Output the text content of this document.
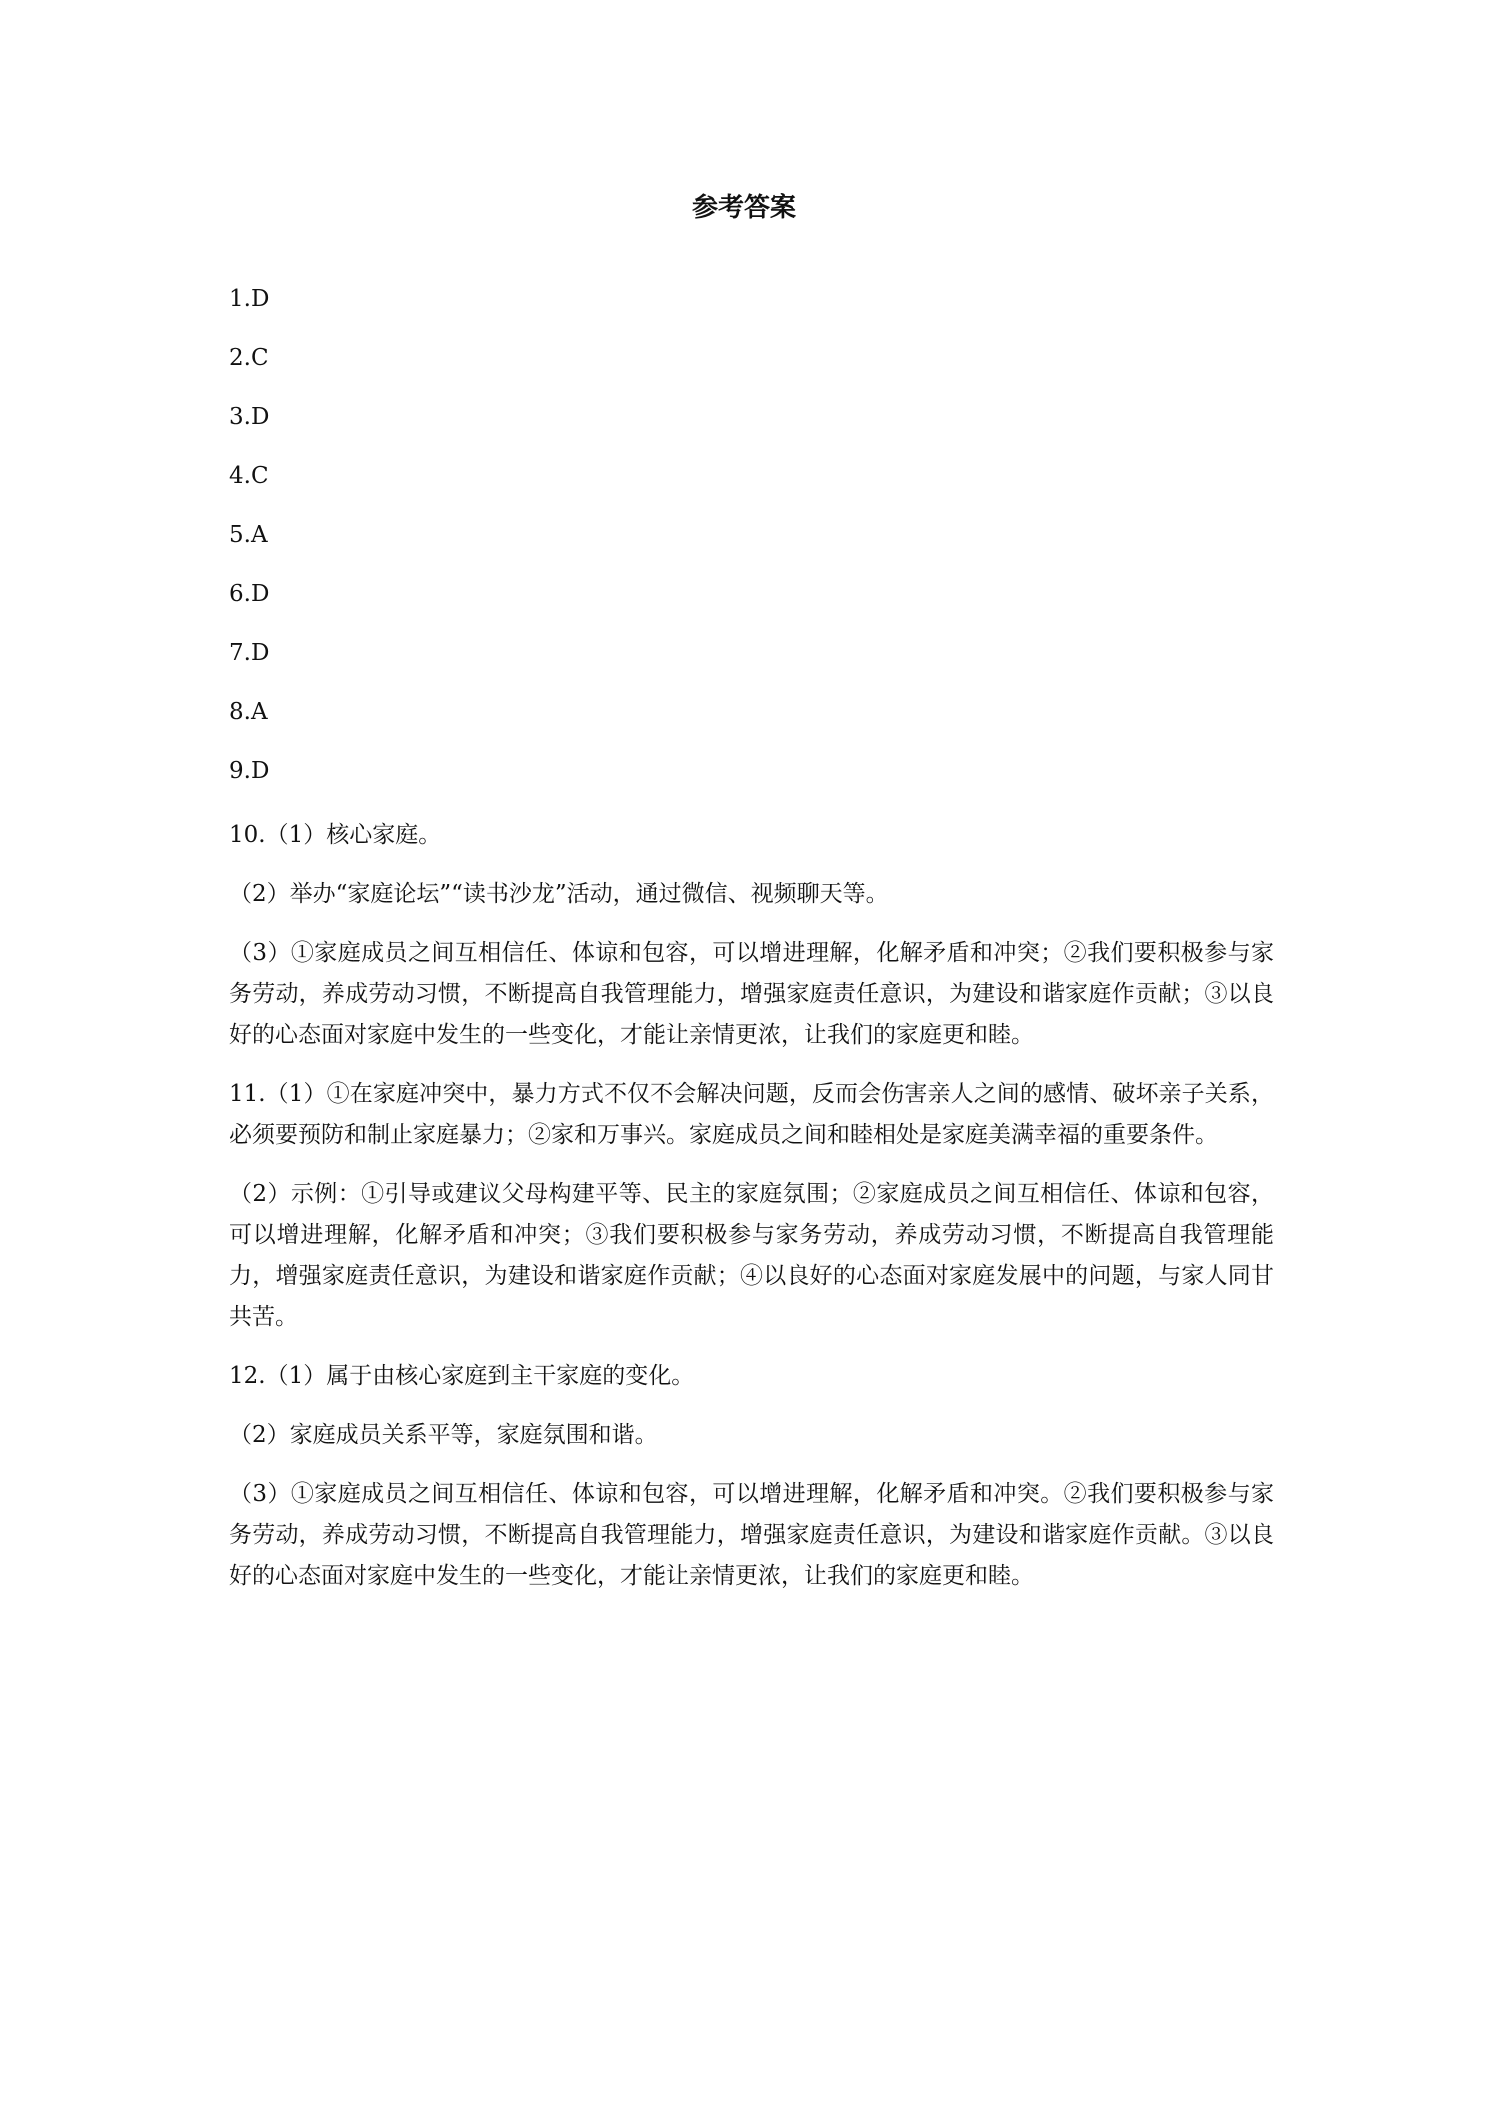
参考答案
1.D
2.C
3.D
4.C
5.A
6.D
7.D
8.A
9.D

10.（1）核心家庭。

（2）举办“家庭论坛”“读书沙龙”活动，通过微信、视频聊天等。

（3）①家庭成员之间互相信任、体谅和包容，可以增进理解，化解矛盾和冲突；②我们要积极参与家务劳动，养成劳动习惯，不断提高自我管理能力，增强家庭责任意识，为建设和谐家庭作贡献；③以良好的心态面对家庭中发生的一些变化，才能让亲情更浓，让我们的家庭更和睦。

11.（1）①在家庭冲突中，暴力方式不仅不会解决问题，反而会伤害亲人之间的感情、破坏亲子关系，必须要预防和制止家庭暴力；②家和万事兴。家庭成员之间和睦相处是家庭美满幸福的重要条件。

（2）示例：①引导或建议父母构建平等、民主的家庭氛围；②家庭成员之间互相信任、体谅和包容，可以增进理解，化解矛盾和冲突；③我们要积极参与家务劳动，养成劳动习惯，不断提高自我管理能力，增强家庭责任意识，为建设和谐家庭作贡献；④以良好的心态面对家庭发展中的问题，与家人同甘共苦。

12.（1）属于由核心家庭到主干家庭的变化。

（2）家庭成员关系平等，家庭氛围和谐。

（3）①家庭成员之间互相信任、体谅和包容，可以增进理解，化解矛盾和冲突。②我们要积极参与家务劳动，养成劳动习惯，不断提高自我管理能力，增强家庭责任意识，为建设和谐家庭作贡献。③以良好的心态面对家庭中发生的一些变化，才能让亲情更浓，让我们的家庭更和睦。
